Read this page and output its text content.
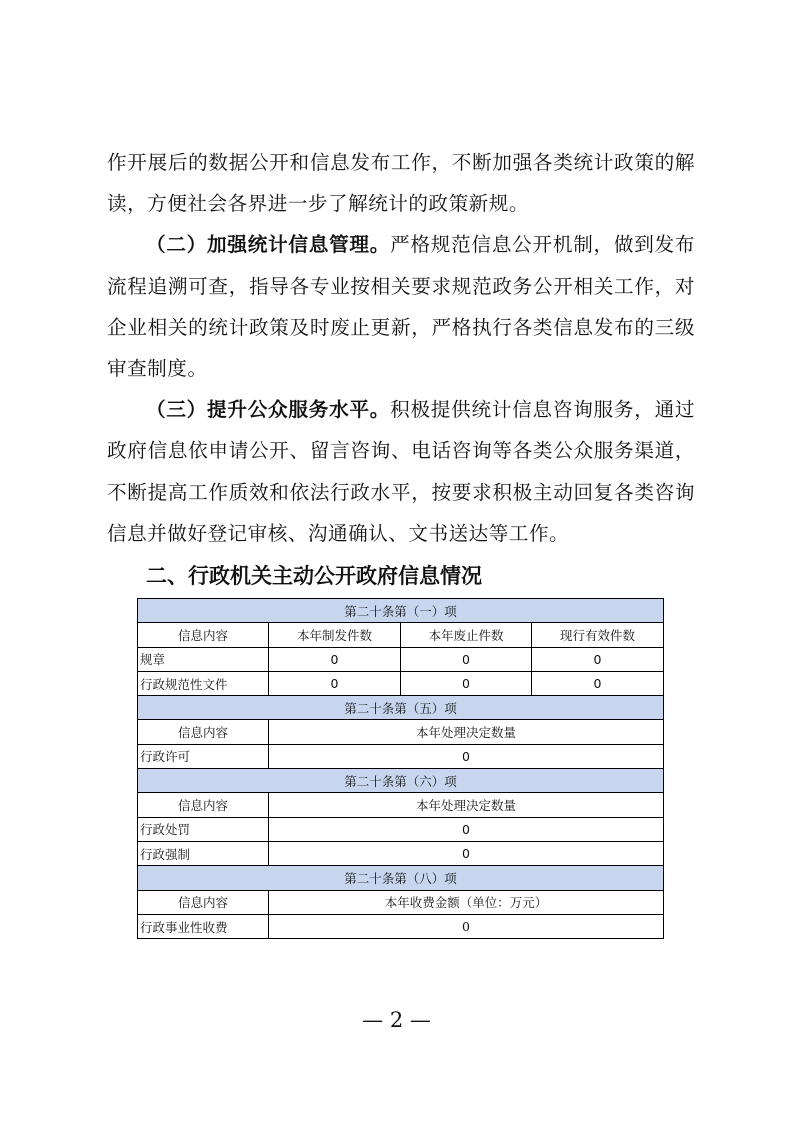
作开展后的数据公开和信息发布工作，不断加强各类统计政策的解读，方便社会各界进一步了解统计的政策新规。

（二）加强统计信息管理。严格规范信息公开机制，做到发布流程追溯可查，指导各专业按相关要求规范政务公开相关工作，对企业相关的统计政策及时废止更新，严格执行各类信息发布的三级审查制度。

（三）提升公众服务水平。积极提供统计信息咨询服务，通过政府信息依申请公开、留言咨询、电话咨询等各类公众服务渠道，不断提高工作质效和依法行政水平，按要求积极主动回复各类咨询信息并做好登记审核、沟通确认、文书送达等工作。

二、行政机关主动公开政府信息情况
第二十条第（一）项			
信息内容	本年制发件数	本年废止件数	现行有效件数
规章	0	0	0
行政规范性文件	0	0	0
第二十条第（五）项			
信息内容	本年处理决定数量		
行政许可	0		
第二十条第（六）项			
信息内容	本年处理决定数量		
行政处罚	0		
行政强制	0		
第二十条第（八）项			
信息内容	本年收费金额（单位：万元）		
行政事业性收费	0		

— 2 —
